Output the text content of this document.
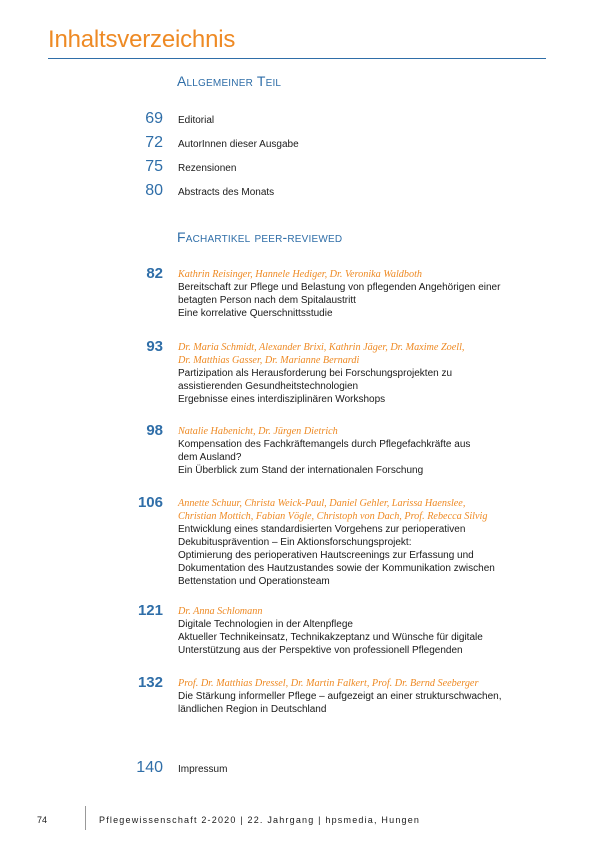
Inhaltsverzeichnis
Allgemeiner Teil
69 Editorial
72 AutorInnen dieser Ausgabe
75 Rezensionen
80 Abstracts des Monats
Fachartikel peer-reviewed
82 Kathrin Reisinger, Hannele Hediger, Dr. Veronika Waldboth
Bereitschaft zur Pflege und Belastung von pflegenden Angehörigen einer
betagten Person nach dem Spitalaustritt
Eine korrelative Querschnittsstudie
93 Dr. Maria Schmidt, Alexander Brixi, Kathrin Jäger, Dr. Maxime Zoell,
Dr. Matthias Gasser, Dr. Marianne Bernardi
Partizipation als Herausforderung bei Forschungsprojekten zu
assistierenden Gesundheitstechnologien
Ergebnisse eines interdisziplinären Workshops
98 Natalie Habenicht, Dr. Jürgen Dietrich
Kompensation des Fachkräftemangels durch Pflegefachkräfte aus
dem Ausland?
Ein Überblick zum Stand der internationalen Forschung
106 Annette Schuur, Christa Weick-Paul, Daniel Gehler, Larissa Haenslee,
Christian Mottich, Fabian Vögle, Christoph von Dach, Prof. Rebecca Silvig
Entwicklung eines standardisierten Vorgehens zur perioperativen
Dekubitusprävention – Ein Aktionsforschungsprojekt:
Optimierung des perioperativen Hautscreenings zur Erfassung und
Dokumentation des Hautzustandes sowie der Kommunikation zwischen
Bettenstation und Operationsteam
121 Dr. Anna Schlomann
Digitale Technologien in der Altenpflege
Aktueller Technikeinsatz, Technikakzeptanz und Wünsche für digitale
Unterstützung aus der Perspektive von professionell Pflegenden
132 Prof. Dr. Matthias Dressel, Dr. Martin Falkert, Prof. Dr. Bernd Seeberger
Die Stärkung informeller Pflege – aufgezeigt an einer strukturschwachen,
ländlichen Region in Deutschland
140 Impressum
74	Pflegewissenschaft 2-2020 | 22. Jahrgang | hpsmedia, Hungen
